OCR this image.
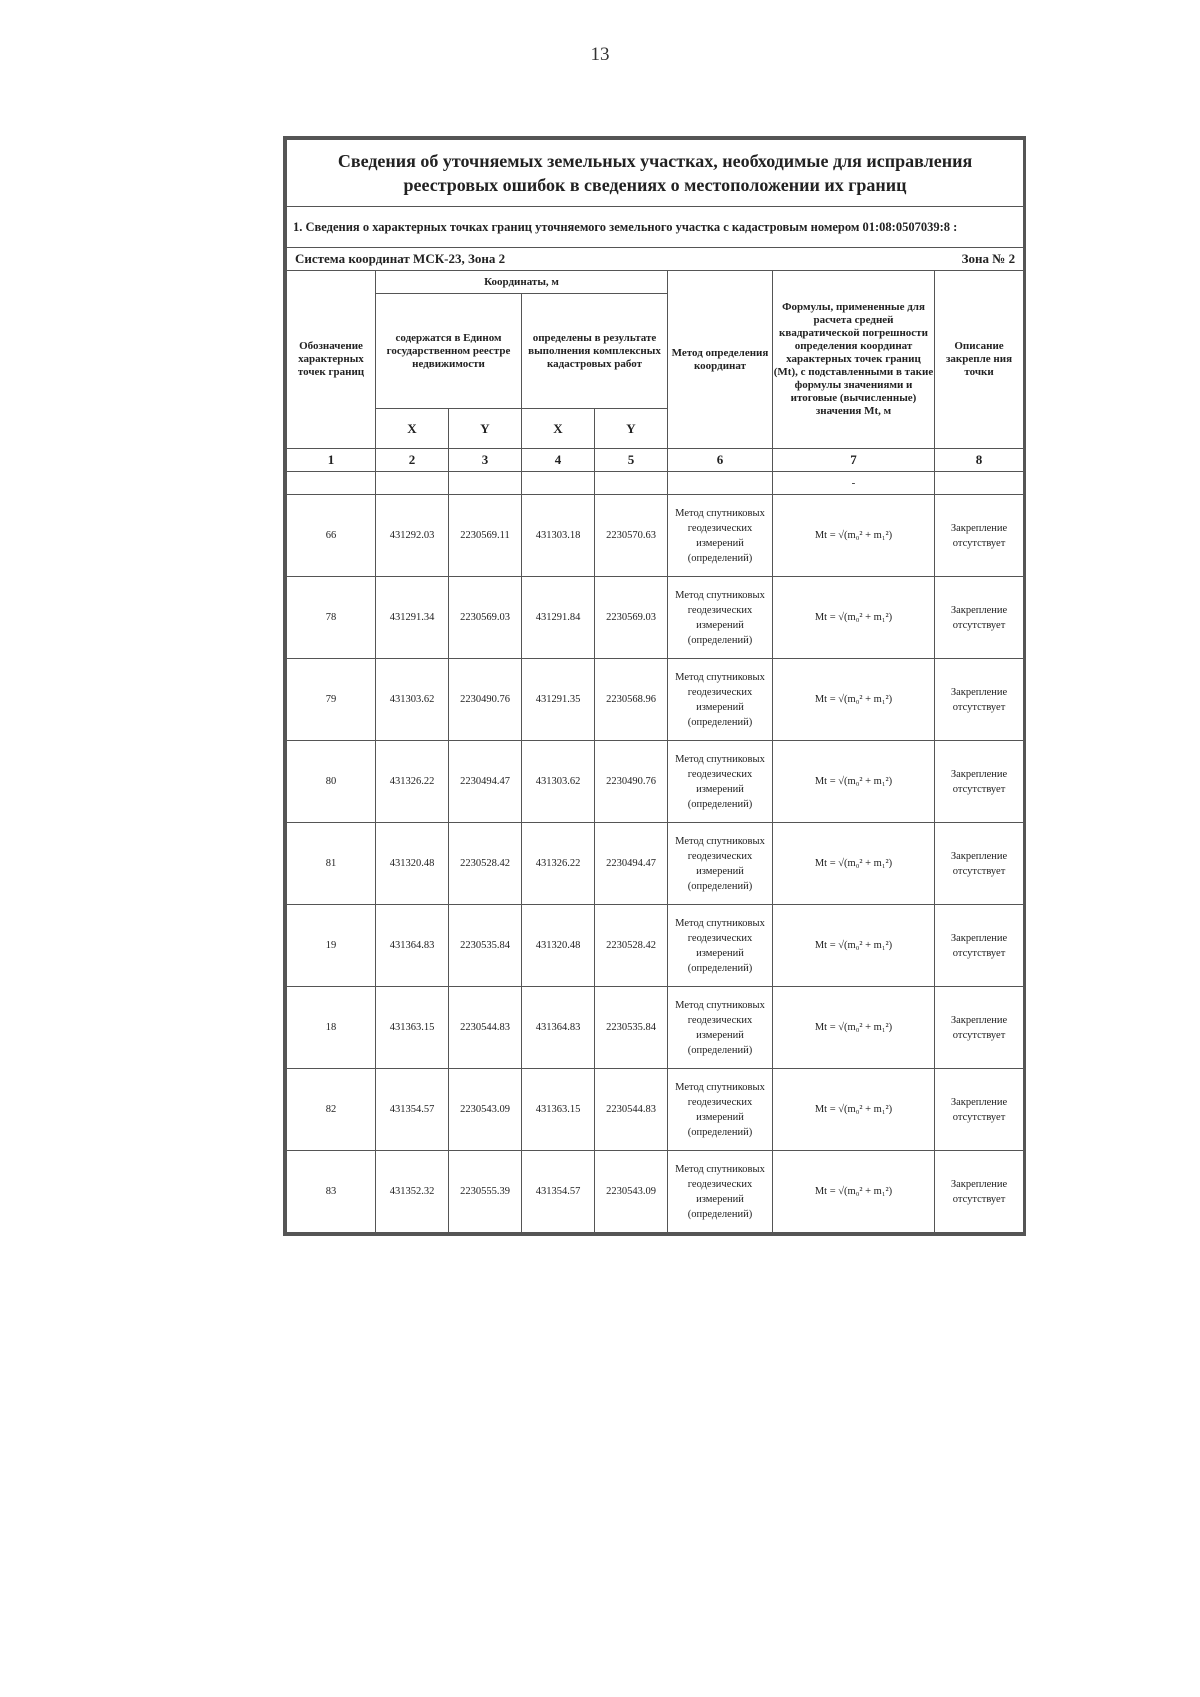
13
Сведения об уточняемых земельных участках, необходимые для исправления реестровых ошибок в сведениях о местоположении их границ							
1. Сведения о характерных точках границ уточняемого земельного участка с кадастровым номером 01:08:0507039:8 :							

Система координат МСК-23, Зона 2 Зона № 2							

Обозначение характерных точек границ	Координаты, м				Метод определения координат	Формулы, примененные для расчета средней квадратической погрешности определения координат характерных точек границ (Mt), с подставленными в такие формулы значениями и итоговые (вычисленные) значения Mt, м	Описание закрепле ния точки
	содержатся в Едином государственном реестре недвижимости		определены в результате выполнения комплексных кадастровых работ				
	X	Y	X	Y			
1	2	3	4	5	6	7	8
						-	
66	431292.03	2230569.11	431303.18	2230570.63	Метод спутниковых геодезических измерений (определений)	Mt = √(m₀² + m₁²)	Закрепление отсутствует
78	431291.34	2230569.03	431291.84	2230569.03	Метод спутниковых геодезических измерений (определений)	Mt = √(m₀² + m₁²)	Закрепление отсутствует
79	431303.62	2230490.76	431291.35	2230568.96	Метод спутниковых геодезических измерений (определений)	Mt = √(m₀² + m₁²)	Закрепление отсутствует
80	431326.22	2230494.47	431303.62	2230490.76	Метод спутниковых геодезических измерений (определений)	Mt = √(m₀² + m₁²)	Закрепление отсутствует
81	431320.48	2230528.42	431326.22	2230494.47	Метод спутниковых геодезических измерений (определений)	Mt = √(m₀² + m₁²)	Закрепление отсутствует
19	431364.83	2230535.84	431320.48	2230528.42	Метод спутниковых геодезических измерений (определений)	Mt = √(m₀² + m₁²)	Закрепление отсутствует
18	431363.15	2230544.83	431364.83	2230535.84	Метод спутниковых геодезических измерений (определений)	Mt = √(m₀² + m₁²)	Закрепление отсутствует
82	431354.57	2230543.09	431363.15	2230544.83	Метод спутниковых геодезических измерений (определений)	Mt = √(m₀² + m₁²)	Закрепление отсутствует
83	431352.32	2230555.39	431354.57	2230543.09	Метод спутниковых геодезических измерений (определений)	Mt = √(m₀² + m₁²)	Закрепление отсутствует
